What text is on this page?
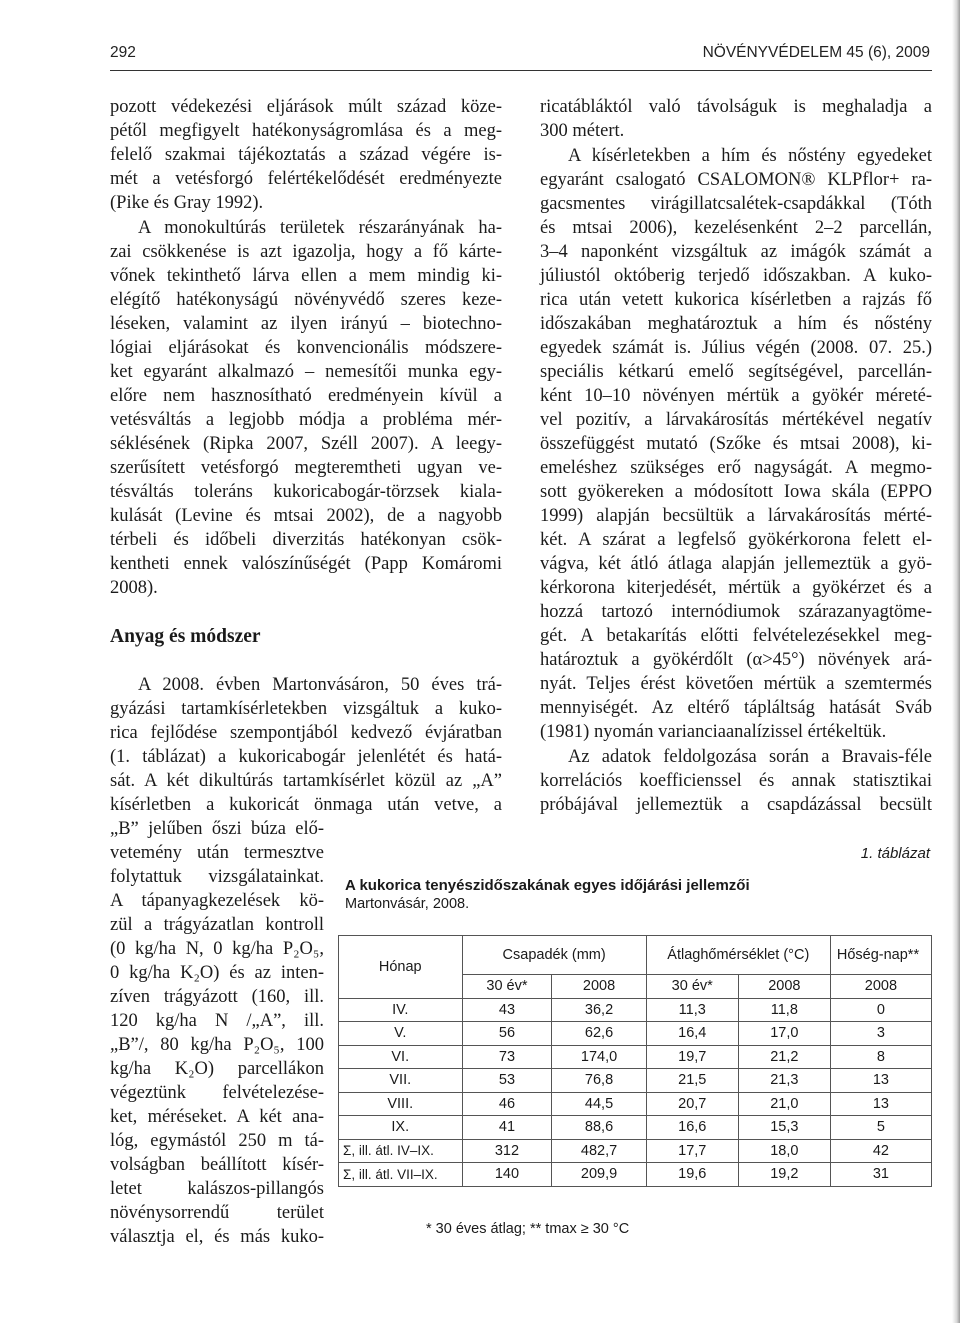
292	NÖVÉNYVÉDELEM 45 (6), 2009
pozott védekezési eljárások múlt század köze-
pétől megfigyelt hatékonyságromlása és a meg-
felelő szakmai tájékoztatás a század végére is-
mét a vetésforgó felértékelődését eredményezte
(Pike és Gray 1992).
A monokultúrás területek részarányának ha-
zai csökkenése is azt igazolja, hogy a fő kárte-
vőnek tekinthető lárva ellen a mem mindig ki-
elégítő hatékonyságú növényvédő szeres keze-
léseken, valamint az ilyen irányú – biotechno-
lógiai eljárásokat és konvencionális módszere-
ket egyaránt alkalmazó – nemesítői munka egy-
előre nem hasznosítható eredményein kívül a
vetésváltás a legjobb módja a probléma mér-
séklésének (Ripka 2007, Széll 2007). A leegy-
szerűsített vetésforgó megteremtheti ugyan ve-
tésváltás toleráns kukoricabogár-törzsek kiala-
kulását (Levine és mtsai 2002), de a nagyobb
térbeli és időbeli diverzitás hatékonyan csök-
kentheti ennek valószínűségét (Papp Komáromi
2008).
Anyag és módszer
A 2008. évben Martonvásáron, 50 éves trá-
gyázási tartamkísérletekben vizsgáltuk a kuko-
rica fejlődése szempontjából kedvező évjáratban
(1. táblázat) a kukoricabogár jelenlétét és hatá-
sát. A két dikultúrás tartamkísérlet közül az „A”
kísérletben a kukoricát önmaga után vetve, a
„B” jelűben őszi búza elő-
vetemény után termesztve
folytattuk vizsgálatainkat.
A tápanyagkezelések kö-
zül a trágyázatlan kontroll
(0 kg/ha N, 0 kg/ha P₂O₅,
0 kg/ha K₂O) és az inten-
zíven trágyázott (160, ill.
120 kg/ha N /„A”, ill.
„B”/, 80 kg/ha P₂O₅, 100
kg/ha K₂O) parcellákon
végeztünk felvételezése-
ket, méréseket. A két ana-
lóg, egymástól 250 m tá-
volságban beállított kísér-
letet kalászos-pillangós
növénysorrendű terület
választja el, és más kuko-
ricatábláktól való távolságuk is meghaladja a
300 métert.
A kísérletekben a hím és nőstény egyedeket
egyaránt csalogató CSALOMON® KLPflor+ ra-
gacsmentes virágillatcsalétek-csapdákkal (Tóth
és mtsai 2006), kezelésenként 2–2 parcellán,
3–4 naponként vizsgáltuk az imágók számát a
júliustól októberig terjedő időszakban. A kuko-
rica után vetett kukorica kísérletben a rajzás fő
időszakában meghatároztuk a hím és nőstény
egyedek számát is. Július végén (2008. 07. 25.)
speciális kétkarú emelő segítségével, parcellán-
ként 10–10 növényen mértük a gyökér méreté-
vel pozitív, a lárvakárosítás mértékével negatív
összefüggést mutató (Szőke és mtsai 2008), ki-
emeléshez szükséges erő nagyságát. A megmo-
sott gyökereken a módosított Iowa skála (EPPO
1999) alapján becsültük a lárvakárosítás mérté-
két. A szárat a legfelső gyökérkorona felett el-
vágva, két átló átlaga alapján jellemeztük a gyö-
kérkorona kiterjedését, mértük a gyökérzet és a
hozzá tartozó internódiumok szárazanyagtöme-
gét. A betakarítás előtti felvételezésekkel meg-
határoztuk a gyökérdőlt (α>45°) növények ará-
nyát. Teljes érést követően mértük a szemtermés
mennyiségét. Az eltérő tápláltság hatását Sváb
(1981) nyomán varianciaanalízissel értékeltük.
Az adatok feldolgozása során a Bravais-féle
korrelációs koefficienssel és annak statisztikai
próbájával jellemeztük a csapdázással becsült
1. táblázat
A kukorica tenyészidőszakának egyes időjárási jellemzői
Martonvásár, 2008.
Hónap	Csapadék (mm)		Átlaghőmérséklet (°C)		Hőség-nap**
	30 év*	2008	30 év*	2008	2008
IV.	43	36,2	11,3	11,8	0
V.	56	62,6	16,4	17,0	3
VI.	73	174,0	19,7	21,2	8
VII.	53	76,8	21,5	21,3	13
VIII.	46	44,5	20,7	21,0	13
IX.	41	88,6	16,6	15,3	5
Σ, ill. átl. IV–IX.	312	482,7	17,7	18,0	42
Σ, ill. átl. VII–IX.	140	209,9	19,6	19,2	31
* 30 éves átlag; ** tmax ≥ 30 °C
